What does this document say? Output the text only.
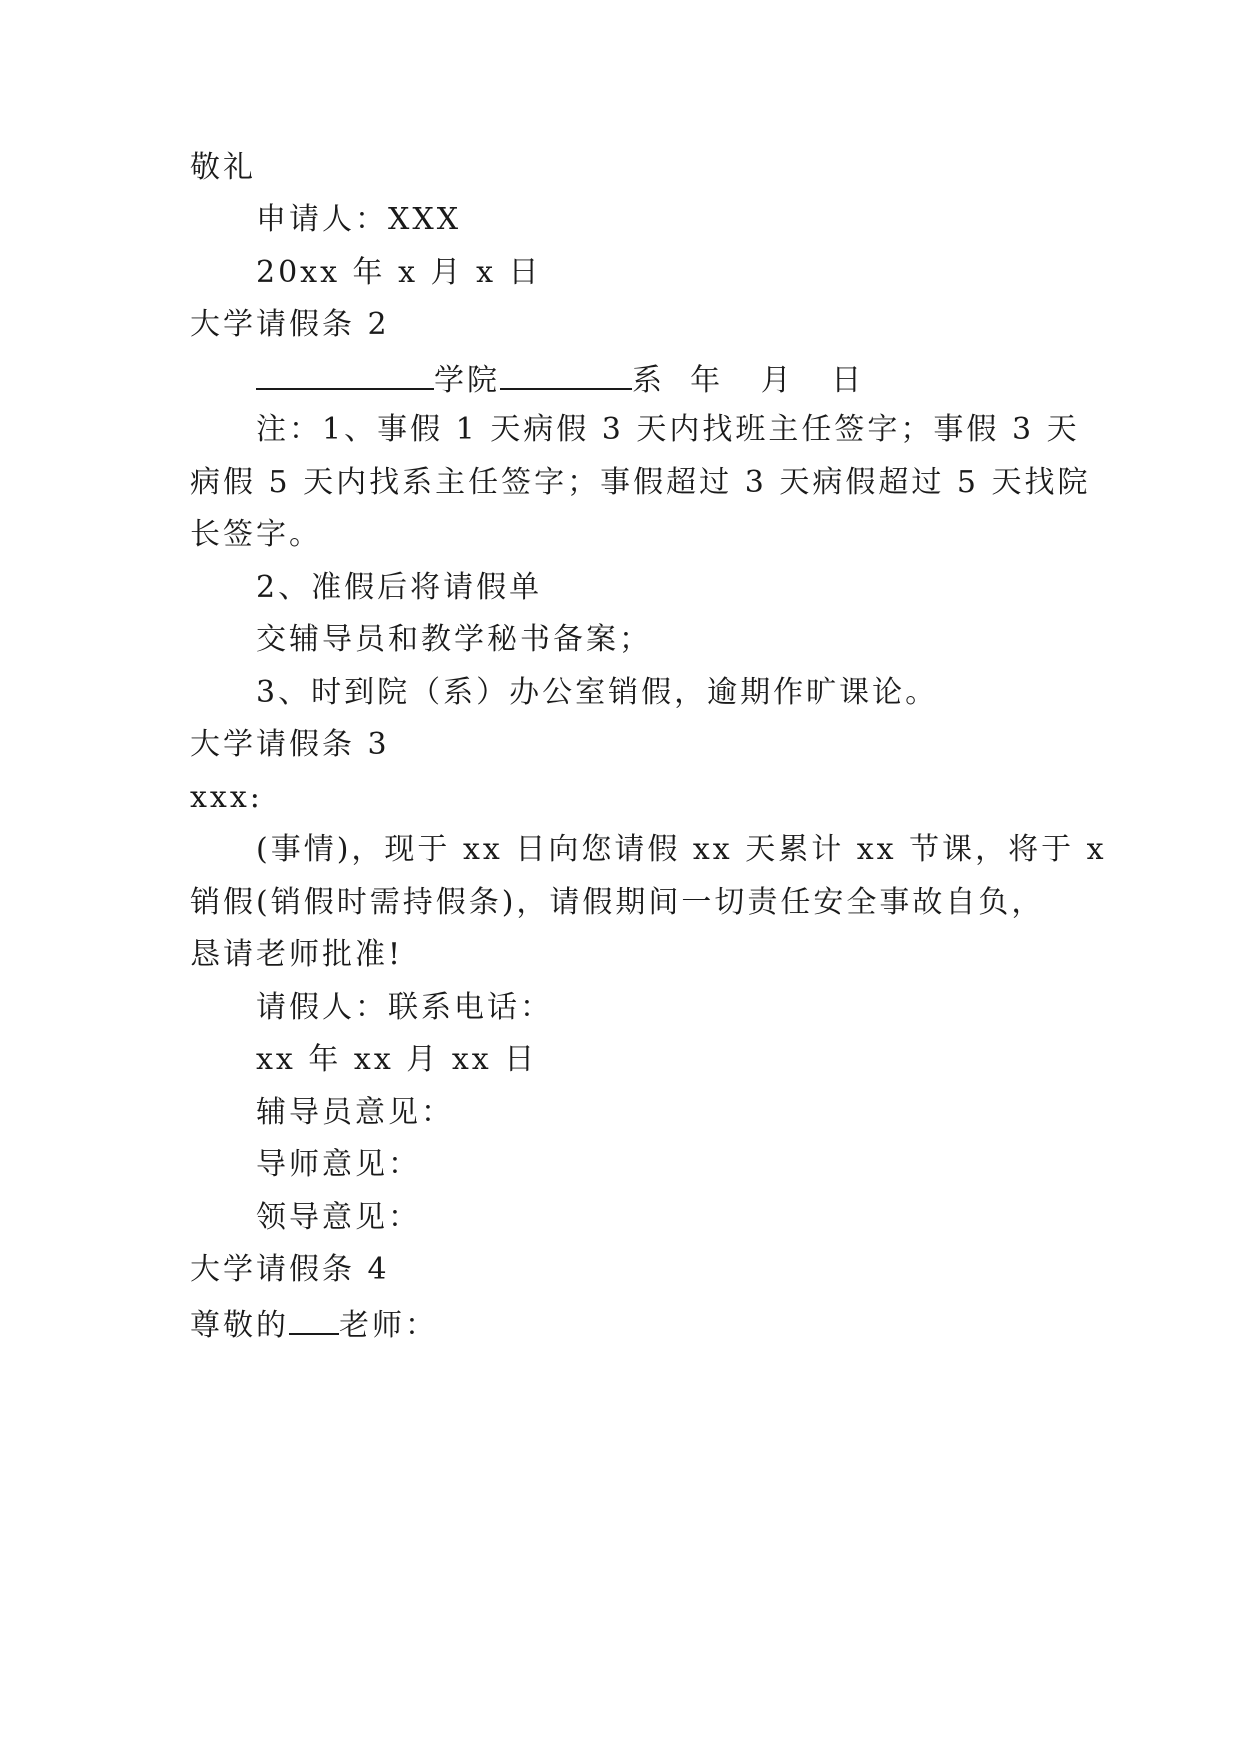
敬礼
申请人：XXX
20xx 年 x 月 x 日
大学请假条 2
学院	系 年 月 日
注：1、事假 1 天病假 3 天内找班主任签字；事假 3 天
病假 5 天内找系主任签字；事假超过 3 天病假超过 5 天找院
长签字。
2、准假后将请假单
交辅导员和教学秘书备案；
3、时到院（系）办公室销假，逾期作旷课论。
大学请假条 3
xxx:
(事情)，现于 xx 日向您请假 xx 天累计 xx 节课，将于 x
销假(销假时需持假条)，请假期间一切责任安全事故自负，
恳请老师批准!
请假人：联系电话：
xx 年 xx 月 xx 日
辅导员意见：
导师意见：
领导意见：
大学请假条 4
尊敬的 老师：
